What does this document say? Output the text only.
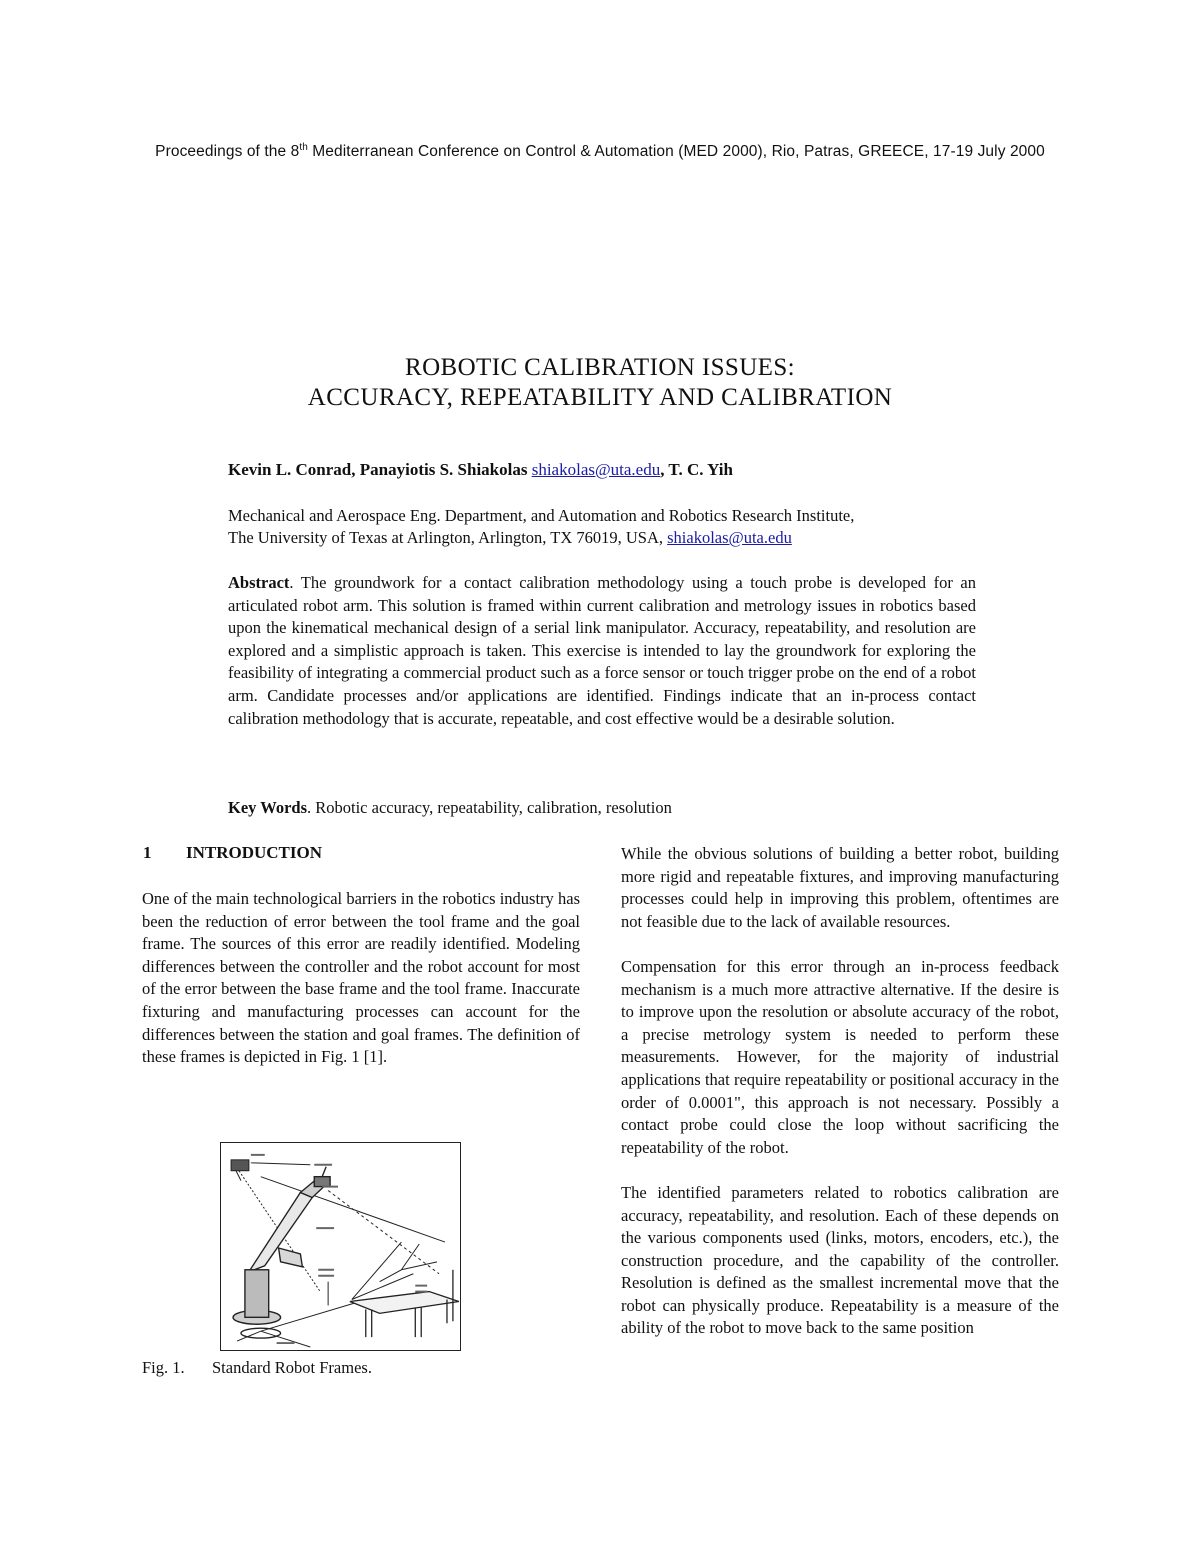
Proceedings of the 8th Mediterranean Conference on Control & Automation (MED 2000), Rio, Patras, GREECE, 17-19 July 2000
ROBOTIC CALIBRATION ISSUES:
ACCURACY, REPEATABILITY AND CALIBRATION
Kevin L. Conrad, Panayiotis S. Shiakolas shiakolas@uta.edu, T. C. Yih
Mechanical and Aerospace Eng. Department, and Automation and Robotics Research Institute,
The University of Texas at Arlington, Arlington, TX 76019, USA, shiakolas@uta.edu
Abstract. The groundwork for a contact calibration methodology using a touch probe is developed for an articulated robot arm. This solution is framed within current calibration and metrology issues in robotics based upon the kinematical mechanical design of a serial link manipulator. Accuracy, repeatability, and resolution are explored and a simplistic approach is taken. This exercise is intended to lay the groundwork for exploring the feasibility of integrating a commercial product such as a force sensor or touch trigger probe on the end of a robot arm. Candidate processes and/or applications are identified. Findings indicate that an in-process contact calibration methodology that is accurate, repeatable, and cost effective would be a desirable solution.
Key Words. Robotic accuracy, repeatability, calibration, resolution
1 INTRODUCTION

One of the main technological barriers in the robotics industry has been the reduction of error between the tool frame and the goal frame. The sources of this error are readily identified. Modeling differences between the controller and the robot account for most of the error between the base frame and the tool frame. Inaccurate fixturing and manufacturing processes can account for the differences between the station and goal frames. The definition of these frames is depicted in Fig. 1 [1].

Fig. 1. Standard Robot Frames.

While the obvious solutions of building a better robot, building more rigid and repeatable fixtures, and improving manufacturing processes could help in improving this problem, oftentimes are not feasible due to the lack of available resources.

Compensation for this error through an in-process feedback mechanism is a much more attractive alternative. If the desire is to improve upon the resolution or absolute accuracy of the robot, a precise metrology system is needed to perform these measurements. However, for the majority of industrial applications that require repeatability or positional accuracy in the order of 0.0001", this approach is not necessary. Possibly a contact probe could close the loop without sacrificing the repeatability of the robot.

The identified parameters related to robotics calibration are accuracy, repeatability, and resolution. Each of these depends on the various components used (links, motors, encoders, etc.), the construction procedure, and the capability of the controller. Resolution is defined as the smallest incremental move that the robot can physically produce. Repeatability is a measure of the ability of the robot to move back to the same position
